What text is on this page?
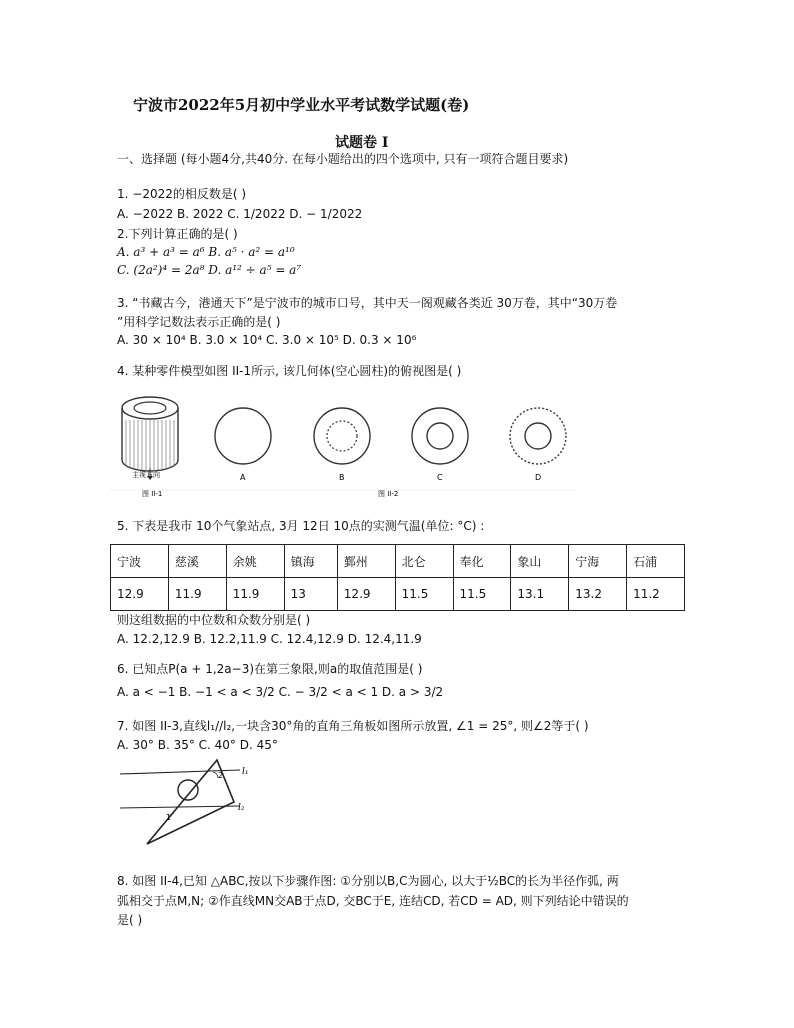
宁波市2022年5月初中学业水平考试数学试题(卷)
试题卷 I
一、选择题 (每小题4分,共40分. 在每小题给出的四个选项中, 只有一项符合题目要求)
1. −2022的相反数是( )
A. −2022 B. 2022 C. 1/2022 D. − 1/2022
2.下列计算正确的是( )
A. a³ + a³ = a⁶ B. a⁵ · a² = a¹⁰
C. (2a²)⁴ = 2a⁸ D. a¹² ÷ a⁵ = a⁷
3. “书藏古今，港通天下”是宁波市的城市口号，其中天一阁观藏各类近 30万卷，其中“30万卷
”用科学记数法表示正确的是( )
A. 30 × 10⁴ B. 3.0 × 10⁴ C. 3.0 × 10⁵ D. 0.3 × 10⁶
4. 某种零件模型如图 II-1所示, 该几何体(空心圆柱)的俯视图是( )
主视方向
图 II-1
A	B	C
图 II-2
D
5. 下表是我市 10个气象站点, 3月 12日 10点的实测气温(单位: °C) :
宁波	慈溪	余姚	镇海	鄞州	北仑	奉化	象山	宁海	石浦
12.9	11.9	11.9	13	12.9	11.5	11.5	13.1	13.2	11.2
则这组数据的中位数和众数分别是( )
A. 12.2,12.9 B. 12.2,11.9 C. 12.4,12.9 D. 12.4,11.9
6. 已知点P(a + 1,2a−3)在第三象限,则a的取值范围是( )
A. a < −1 B. −1 < a < 3/2 C. − 3/2 < a < 1 D. a > 3/2
7. 如图 II-3,直线l₁//l₂,一块含30°角的直角三角板如图所示放置, ∠1 = 25°, 则∠2等于( )
A. 30° B. 35° C. 40° D. 45°
l₁
l₂
1
2
8. 如图 II-4,已知 △ABC,按以下步骤作图: ①分别以B,C为圆心, 以大于½BC的长为半径作弧, 两
弧相交于点M,N; ②作直线MN交AB于点D, 交BC于E, 连结CD, 若CD = AD, 则下列结论中错误的
是( )
